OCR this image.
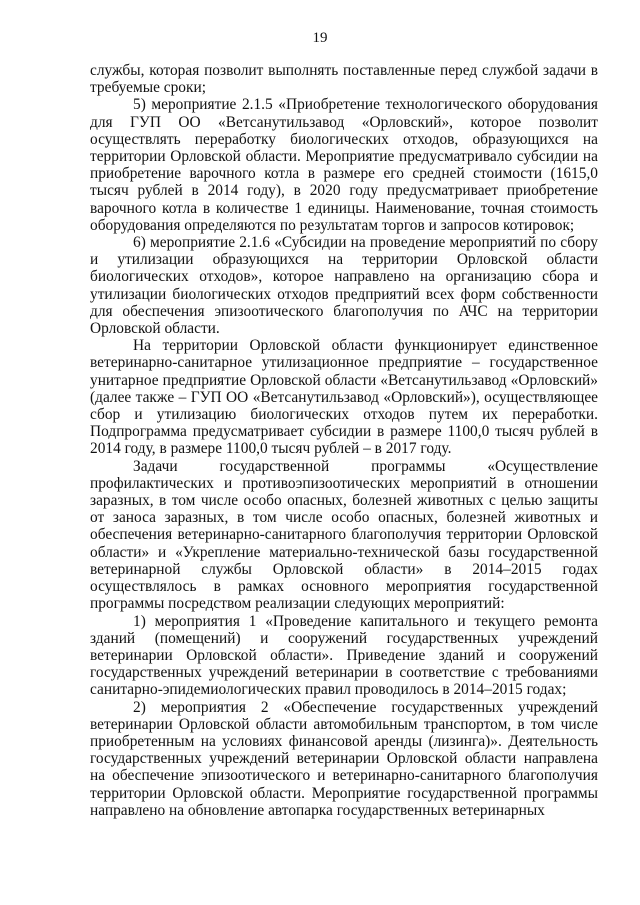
19

службы, которая позволит выполнять поставленные перед службой задачи в требуемые сроки;

5) мероприятие 2.1.5 «Приобретение технологического оборудования для ГУП ОО «Ветсанутильзавод «Орловский», которое позволит осуществлять переработку биологических отходов, образующихся на территории Орловской области. Мероприятие предусматривало субсидии на приобретение варочного котла в размере его средней стоимости (1615,0 тысяч рублей в 2014 году), в 2020 году предусматривает приобретение варочного котла в количестве 1 единицы. Наименование, точная стоимость оборудования определяются по результатам торгов и запросов котировок;

6) мероприятие 2.1.6 «Субсидии на проведение мероприятий по сбору и утилизации образующихся на территории Орловской области биологических отходов», которое направлено на организацию сбора и утилизации биологических отходов предприятий всех форм собственности для обеспечения эпизоотического благополучия по АЧС на территории Орловской области.

На территории Орловской области функционирует единственное ветеринарно-санитарное утилизационное предприятие – государственное унитарное предприятие Орловской области «Ветсанутильзавод «Орловский» (далее также – ГУП ОО «Ветсанутильзавод «Орловский»), осуществляющее сбор и утилизацию биологических отходов путем их переработки. Подпрограмма предусматривает субсидии в размере 1100,0 тысяч рублей в 2014 году, в размере 1100,0 тысяч рублей – в 2017 году.

Задачи государственной программы «Осуществление профилактических и противоэпизоотических мероприятий в отношении заразных, в том числе особо опасных, болезней животных с целью защиты от заноса заразных, в том числе особо опасных, болезней животных и обеспечения ветеринарно-санитарного благополучия территории Орловской области» и «Укрепление материально-технической базы государственной ветеринарной службы Орловской области» в 2014–2015 годах осуществлялось в рамках основного мероприятия государственной программы посредством реализации следующих мероприятий:

1) мероприятия 1 «Проведение капитального и текущего ремонта зданий (помещений) и сооружений государственных учреждений ветеринарии Орловской области». Приведение зданий и сооружений государственных учреждений ветеринарии в соответствие с требованиями санитарно-эпидемиологических правил проводилось в 2014–2015 годах;

2) мероприятия 2 «Обеспечение государственных учреждений ветеринарии Орловской области автомобильным транспортом, в том числе приобретенным на условиях финансовой аренды (лизинга)». Деятельность государственных учреждений ветеринарии Орловской области направлена на обеспечение эпизоотического и ветеринарно-санитарного благополучия территории Орловской области. Мероприятие государственной программы направлено на обновление автопарка государственных ветеринарных
